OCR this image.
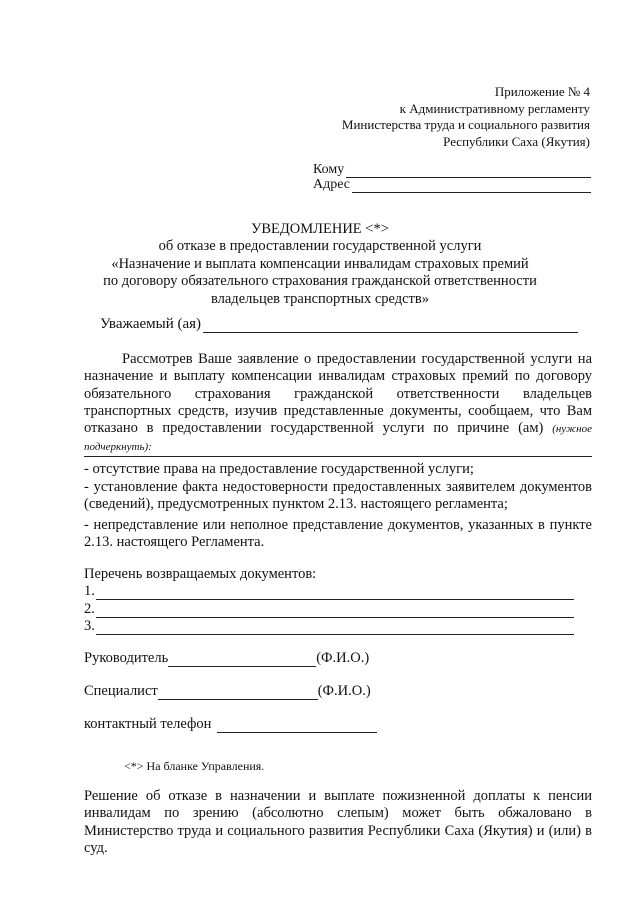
Приложение № 4
к Административному регламенту
Министерства труда и социального развития
Республики Саха (Якутия)
Кому
Адрес
УВЕДОМЛЕНИЕ <*>
об отказе в предоставлении государственной услуги
«Назначение и выплата компенсации инвалидам страховых премий
по договору обязательного страхования гражданской ответственности
владельцев транспортных средств»
Уважаемый (ая)
Рассмотрев Ваше заявление о предоставлении государственной услуги на назначение и выплату компенсации инвалидам страховых премий по договору обязательного страхования гражданской ответственности владельцев транспортных средств, изучив представленные документы, сообщаем, что Вам отказано в предоставлении государственной услуги по причине (ам) (нужное подчеркнуть):
- отсутствие права на предоставление государственной услуги;
- установление факта недостоверности предоставленных заявителем документов (сведений), предусмотренных пунктом 2.13. настоящего регламента;
- непредставление или неполное представление документов, указанных в пункте 2.13. настоящего Регламента.
Перечень возвращаемых документов:
1.
2.
3.
Руководитель	(Ф.И.О.)
Специалист	(Ф.И.О.)
контактный телефон
<*> На бланке Управления.
Решение об отказе в назначении и выплате пожизненной доплаты к пенсии инвалидам по зрению (абсолютно слепым) может быть обжаловано в Министерство труда и социального развития Республики Саха (Якутия) и (или) в суд.
